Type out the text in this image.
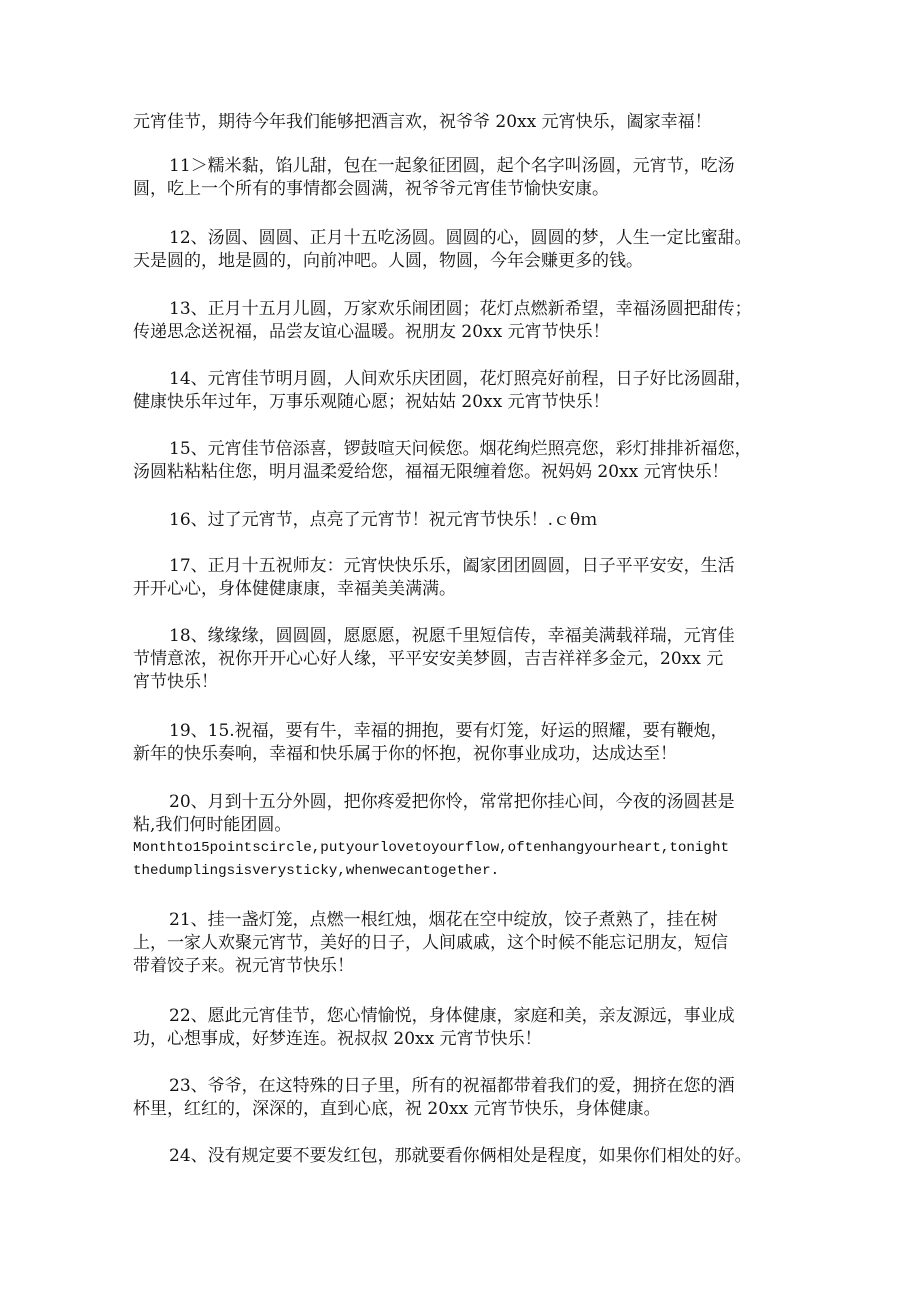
元宵佳节，期待今年我们能够把酒言欢，祝爷爷 20xx 元宵快乐，阖家幸福！

11＞糯米黏，馅儿甜，包在一起象征团圆，起个名字叫汤圆，元宵节，吃汤
圆，吃上一个所有的事情都会圆满，祝爷爷元宵佳节愉快安康。

12、汤圆、圆圆、正月十五吃汤圆。圆圆的心，圆圆的梦，人生一定比蜜甜。
天是圆的，地是圆的，向前冲吧。人圆，物圆，今年会赚更多的钱。

13、正月十五月儿圆，万家欢乐闹团圆；花灯点燃新希望，幸福汤圆把甜传；
传递思念送祝福，品尝友谊心温暖。祝朋友 20xx 元宵节快乐！

14、元宵佳节明月圆，人间欢乐庆团圆，花灯照亮好前程，日子好比汤圆甜，
健康快乐年过年，万事乐观随心愿；祝姑姑 20xx 元宵节快乐！

15、元宵佳节倍添喜，锣鼓喧天问候您。烟花绚烂照亮您，彩灯排排祈福您，
汤圆粘粘粘住您，明月温柔爱给您，福福无限缠着您。祝妈妈 20xx 元宵快乐！

16、过了元宵节，点亮了元宵节！祝元宵节快乐！.ｃθｍ

17、正月十五祝师友：元宵快快乐乐，阖家团团圆圆，日子平平安安，生活
开开心心，身体健健康康，幸福美美满满。

18、缘缘缘，圆圆圆，愿愿愿，祝愿千里短信传，幸福美满载祥瑞，元宵佳
节情意浓，祝你开开心心好人缘，平平安安美梦圆，吉吉祥祥多金元，20xx 元
宵节快乐！

19、15.祝福，要有牛，幸福的拥抱，要有灯笼，好运的照耀，要有鞭炮，
新年的快乐奏响，幸福和快乐属于你的怀抱，祝你事业成功，达成达至！

20、月到十五分外圆，把你疼爱把你怜，常常把你挂心间，今夜的汤圆甚是
粘,我们何时能团圆。
Monthto15pointscircle,putyourlovetoyourflow,oftenhangyourheart,tonight
thedumplingsisverysticky,whenwecantogether.

21、挂一盏灯笼，点燃一根红烛，烟花在空中绽放，饺子煮熟了，挂在树
上，一家人欢聚元宵节，美好的日子，人间戚戚，这个时候不能忘记朋友，短信
带着饺子来。祝元宵节快乐！

22、愿此元宵佳节，您心情愉悦，身体健康，家庭和美，亲友源远，事业成
功，心想事成，好梦连连。祝叔叔 20xx 元宵节快乐！

23、爷爷，在这特殊的日子里，所有的祝福都带着我们的爱，拥挤在您的酒
杯里，红红的，深深的，直到心底，祝 20xx 元宵节快乐，身体健康。

24、没有规定要不要发红包，那就要看你俩相处是程度，如果你们相处的好。
